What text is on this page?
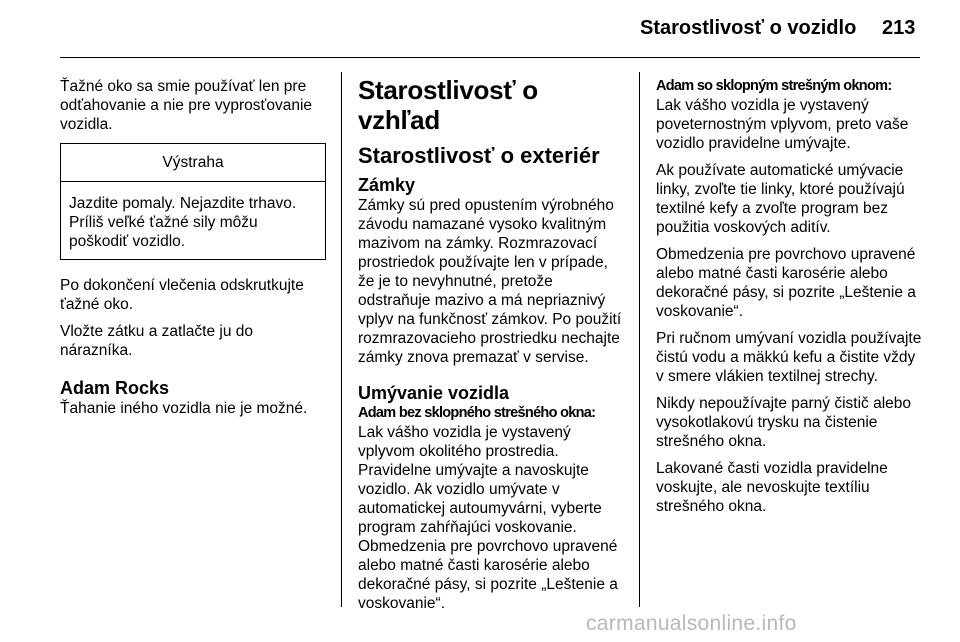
Starostlivosť o vozidlo 213

Ťažné oko sa smie používať len pre odťahovanie a nie pre vyprosťovanie vozidla.

Výstraha
Jazdite pomaly. Nejazdite trhavo. Príliš veľké ťažné sily môžu poškodiť vozidlo.

Po dokončení vlečenia odskrutkujte ťažné oko.

Vložte zátku a zatlačte ju do nárazníka.

Adam Rocks

Ťahanie iného vozidla nie je možné.

Starostlivosť o vzhľad
Starostlivosť o exteriér
Zámky

Zámky sú pred opustením výrobného závodu namazané vysoko kvalitným mazivom na zámky. Rozmrazovací prostriedok používajte len v prípade, že je to nevyhnutné, pretože odstraňuje mazivo a má nepriaznivý vplyv na funkčnosť zámkov. Po použití rozmrazovacieho prostriedku nechajte zámky znova premazať v servise.

Umývanie vozidla
Adam bez sklopného strešného okna:

Lak vášho vozidla je vystavený vplyvom okolitého prostredia. Pravidelne umývajte a navoskujte vozidlo. Ak vozidlo umývate v automatickej autoumyvárni, vyberte program zahŕňajúci voskovanie. Obmedzenia pre povrchovo upravené alebo matné časti karosérie alebo dekoračné pásy, si pozrite „Leštenie a voskovanie“.

Adam so sklopným strešným oknom:

Lak vášho vozidla je vystavený poveternostným vplyvom, preto vaše vozidlo pravidelne umývajte.

Ak používate automatické umývacie linky, zvoľte tie linky, ktoré používajú textilné kefy a zvoľte program bez použitia voskových aditív.

Obmedzenia pre povrchovo upravené alebo matné časti karosérie alebo dekoračné pásy, si pozrite „Leštenie a voskovanie“.

Pri ručnom umývaní vozidla používajte čistú vodu a mäkkú kefu a čistite vždy v smere vlákien textilnej strechy.

Nikdy nepoužívajte parný čistič alebo vysokotlakovú trysku na čistenie strešného okna.

Lakované časti vozidla pravidelne voskujte, ale nevoskujte textíliu strešného okna.

carmanualsonline.info
